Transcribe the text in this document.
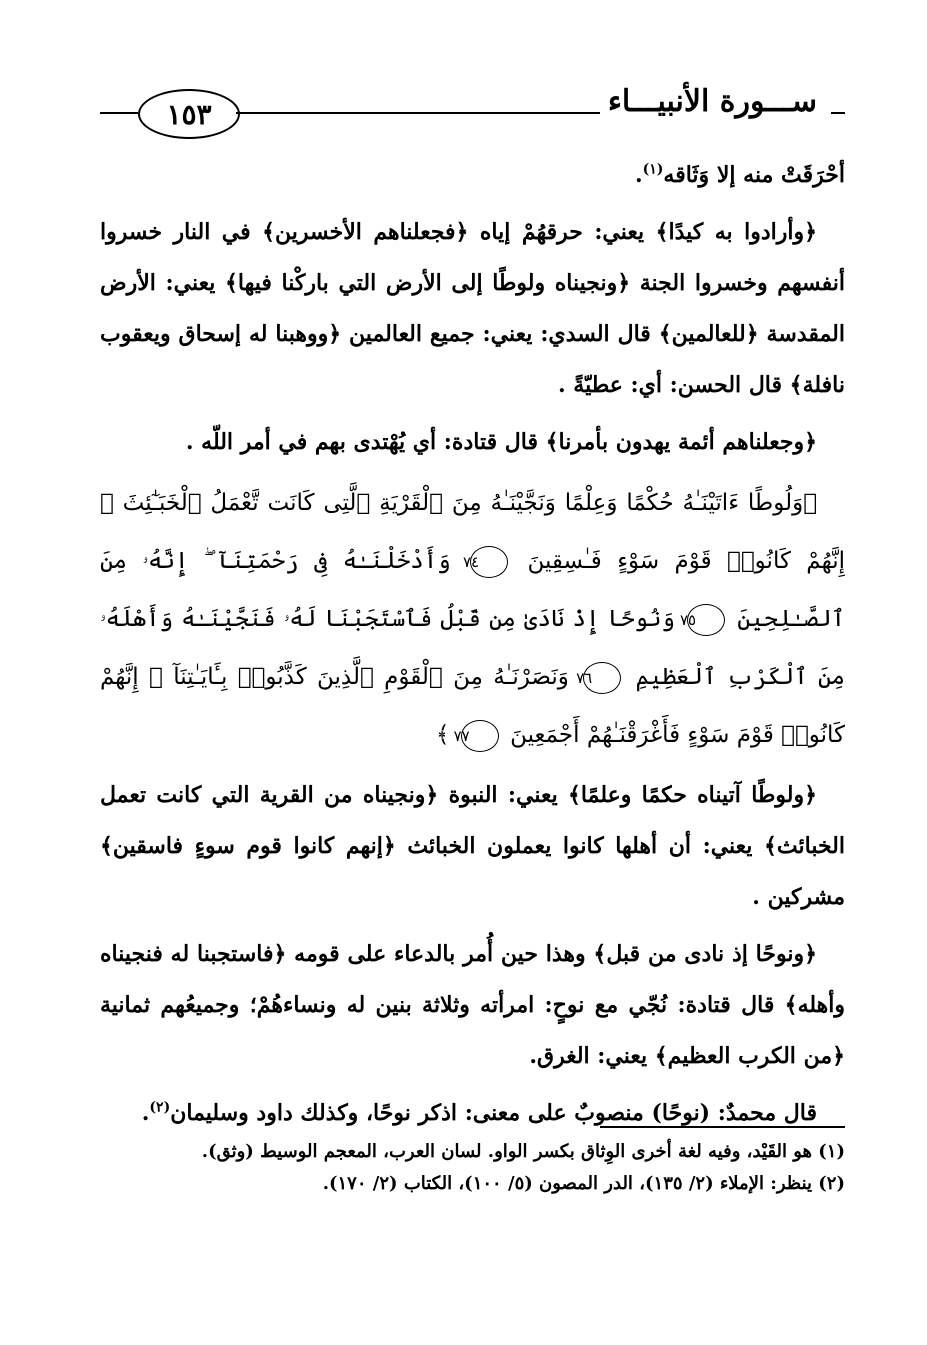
١٥٣	ســـورة الأنبيـــاء

أحْرَقَتْ منه إلا وَثَاقه$^{(١)}$.

﴿وأرادوا به كيدًا﴾ يعني: حرقهُمْ إياه ﴿فجعلناهم الأخسرين﴾ في النار خسروا أنفسهم وخسروا الجنة ﴿ونجيناه ولوطًا إلى الأرض التي باركْنا فيها﴾ يعني: الأرض المقدسة ﴿للعالمين﴾ قال السدي: يعني: جميع العالمين ﴿ووهبنا له إسحاق ويعقوب نافلة﴾ قال الحسن: أي: عطيّةً .

﴿وجعلناهم أئمة يهدون بأمرنا﴾ قال قتادة: أي يُهْتدى بهم في أمر اللّه .

﴿وَلُوطًا ءَاتَيْنَـٰهُ حُكْمًا وَعِلْمًا وَنَجَّيْنَـٰهُ مِنَ ٱلْقَرْيَةِ ٱلَّتِى كَانَت تَّعْمَلُ ٱلْخَبَـٰٓئِثَ ۗ إِنَّهُمْ كَانُوا۟ قَوْمَ سَوْءٍ فَـٰسِقِينَ ٧٤ وَأَدْخَلْنَـٰهُ فِى رَحْمَتِنَآ ۖ إِنَّهُۥ مِنَ ٱلصَّـٰلِحِينَ ٧٥ وَنُوحًا إِذْ نَادَىٰ مِن قَبْلُ فَٱسْتَجَبْنَا لَهُۥ فَنَجَّيْنَـٰهُ وَأَهْلَهُۥ مِنَ ٱلْكَرْبِ ٱلْعَظِيمِ ٧٦ وَنَصَرْنَـٰهُ مِنَ ٱلْقَوْمِ ٱلَّذِينَ كَذَّبُوا۟ بِـَٔايَـٰتِنَآ ۚ إِنَّهُمْ كَانُوا۟ قَوْمَ سَوْءٍ فَأَغْرَقْنَـٰهُمْ أَجْمَعِينَ ٧٧ ﴾

﴿ولوطًا آتيناه حكمًا وعلمًا﴾ يعني: النبوة ﴿ونجيناه من القرية التي كانت تعمل الخبائث﴾ يعني: أن أهلها كانوا يعملون الخبائث ﴿إنهم كانوا قوم سوءٍ فاسقين﴾ مشركين .

﴿ونوحًا إذ نادى من قبل﴾ وهذا حين أُمر بالدعاء على قومه ﴿فاستجبنا له فنجيناه وأهله﴾ قال قتادة: نُجّي مع نوحٍ: امرأته وثلاثة بنين له ونساءهُمْ؛ وجميعُهم ثمانية ﴿من الكرب العظيم﴾ يعني: الغرق.

قال محمدٌ: (نوحًا) منصوبٌ على معنى: اذكر نوحًا، وكذلك داود وسليمان$^{(٢)}$.

(١) هو القَيْد، وفيه لغة أخرى الوِثاق بكسر الواو. لسان العرب، المعجم الوسيط (وثق).
(٢) ينظر: الإملاء (٢/ ١٣٥)، الدر المصون (٥/ ١٠٠)، الكتاب (٢/ ١٧٠).
